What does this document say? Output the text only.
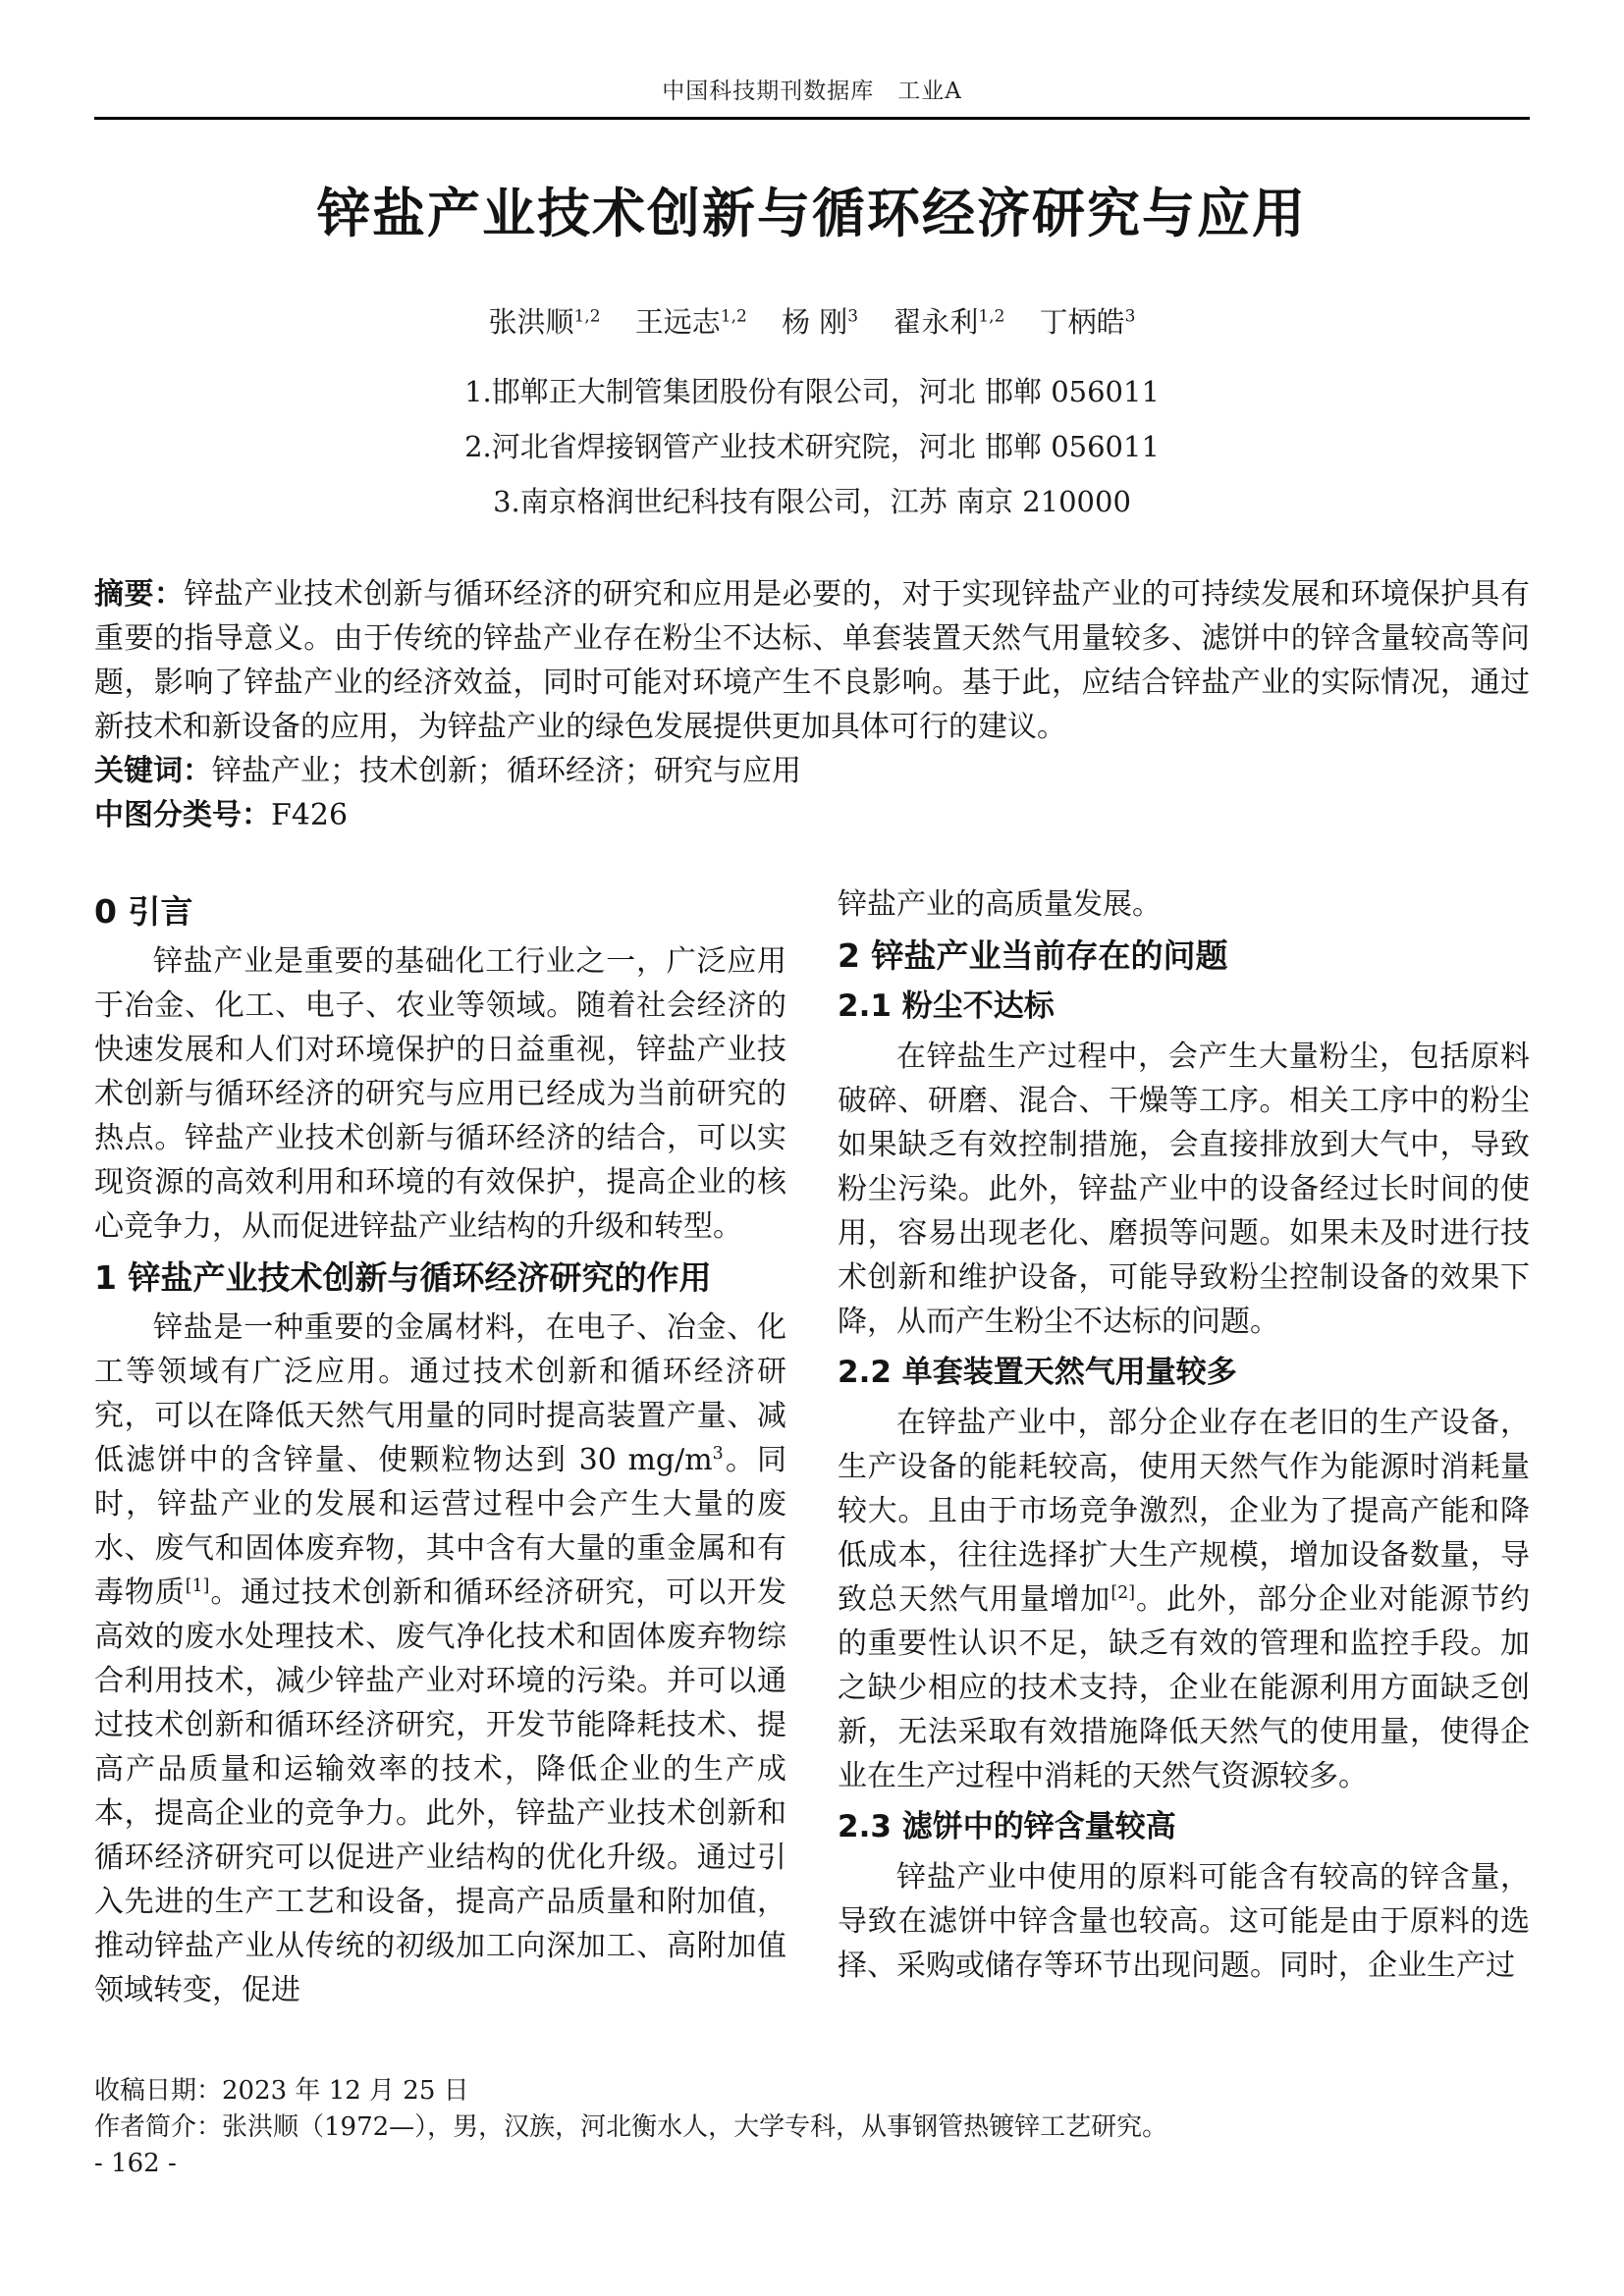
中国科技期刊数据库　工业A
锌盐产业技术创新与循环经济研究与应用
张洪顺$^{1,2}$ 王远志$^{1,2}$ 杨 刚$^3$ 翟永利$^{1,2}$ 丁柄皓$^3$
1.邯郸正大制管集团股份有限公司，河北 邯郸 056011
2.河北省焊接钢管产业技术研究院，河北 邯郸 056011
3.南京格润世纪科技有限公司，江苏 南京 210000

摘要：锌盐产业技术创新与循环经济的研究和应用是必要的，对于实现锌盐产业的可持续发展和环境保护具有重要的指导意义。由于传统的锌盐产业存在粉尘不达标、单套装置天然气用量较多、滤饼中的锌含量较高等问题，影响了锌盐产业的经济效益，同时可能对环境产生不良影响。基于此，应结合锌盐产业的实际情况，通过新技术和新设备的应用，为锌盐产业的绿色发展提供更加具体可行的建议。

关键词：锌盐产业；技术创新；循环经济；研究与应用

中图分类号：F426

0 引言

锌盐产业是重要的基础化工行业之一，广泛应用于冶金、化工、电子、农业等领域。随着社会经济的快速发展和人们对环境保护的日益重视，锌盐产业技术创新与循环经济的研究与应用已经成为当前研究的热点。锌盐产业技术创新与循环经济的结合，可以实现资源的高效利用和环境的有效保护，提高企业的核心竞争力，从而促进锌盐产业结构的升级和转型。

1 锌盐产业技术创新与循环经济研究的作用

锌盐是一种重要的金属材料，在电子、冶金、化工等领域有广泛应用。通过技术创新和循环经济研究，可以在降低天然气用量的同时提高装置产量、减低滤饼中的含锌量、使颗粒物达到 30 $mg/m^3$。同时，锌盐产业的发展和运营过程中会产生大量的废水、废气和固体废弃物，其中含有大量的重金属和有毒物质[1]。通过技术创新和循环经济研究，可以开发高效的废水处理技术、废气净化技术和固体废弃物综合利用技术，减少锌盐产业对环境的污染。并可以通过技术创新和循环经济研究，开发节能降耗技术、提高产品质量和运输效率的技术，降低企业的生产成本，提高企业的竞争力。此外，锌盐产业技术创新和循环经济研究可以促进产业结构的优化升级。通过引入先进的生产工艺和设备，提高产品质量和附加值，推动锌盐产业从传统的初级加工向深加工、高附加值领域转变，促进

锌盐产业的高质量发展。

2 锌盐产业当前存在的问题
2.1 粉尘不达标

在锌盐生产过程中，会产生大量粉尘，包括原料破碎、研磨、混合、干燥等工序。相关工序中的粉尘如果缺乏有效控制措施，会直接排放到大气中，导致粉尘污染。此外，锌盐产业中的设备经过长时间的使用，容易出现老化、磨损等问题。如果未及时进行技术创新和维护设备，可能导致粉尘控制设备的效果下降，从而产生粉尘不达标的问题。

2.2 单套装置天然气用量较多

在锌盐产业中，部分企业存在老旧的生产设备，生产设备的能耗较高，使用天然气作为能源时消耗量较大。且由于市场竞争激烈，企业为了提高产能和降低成本，往往选择扩大生产规模，增加设备数量，导致总天然气用量增加[2]。此外，部分企业对能源节约的重要性认识不足，缺乏有效的管理和监控手段。加之缺少相应的技术支持，企业在能源利用方面缺乏创新，无法采取有效措施降低天然气的使用量，使得企业在生产过程中消耗的天然气资源较多。

2.3 滤饼中的锌含量较高

锌盐产业中使用的原料可能含有较高的锌含量，导致在滤饼中锌含量也较高。这可能是由于原料的选择、采购或储存等环节出现问题。同时，企业生产过

收稿日期：2023 年 12 月 25 日
作者简介：张洪顺（1972—），男，汉族，河北衡水人，大学专科，从事钢管热镀锌工艺研究。
- 162 -
